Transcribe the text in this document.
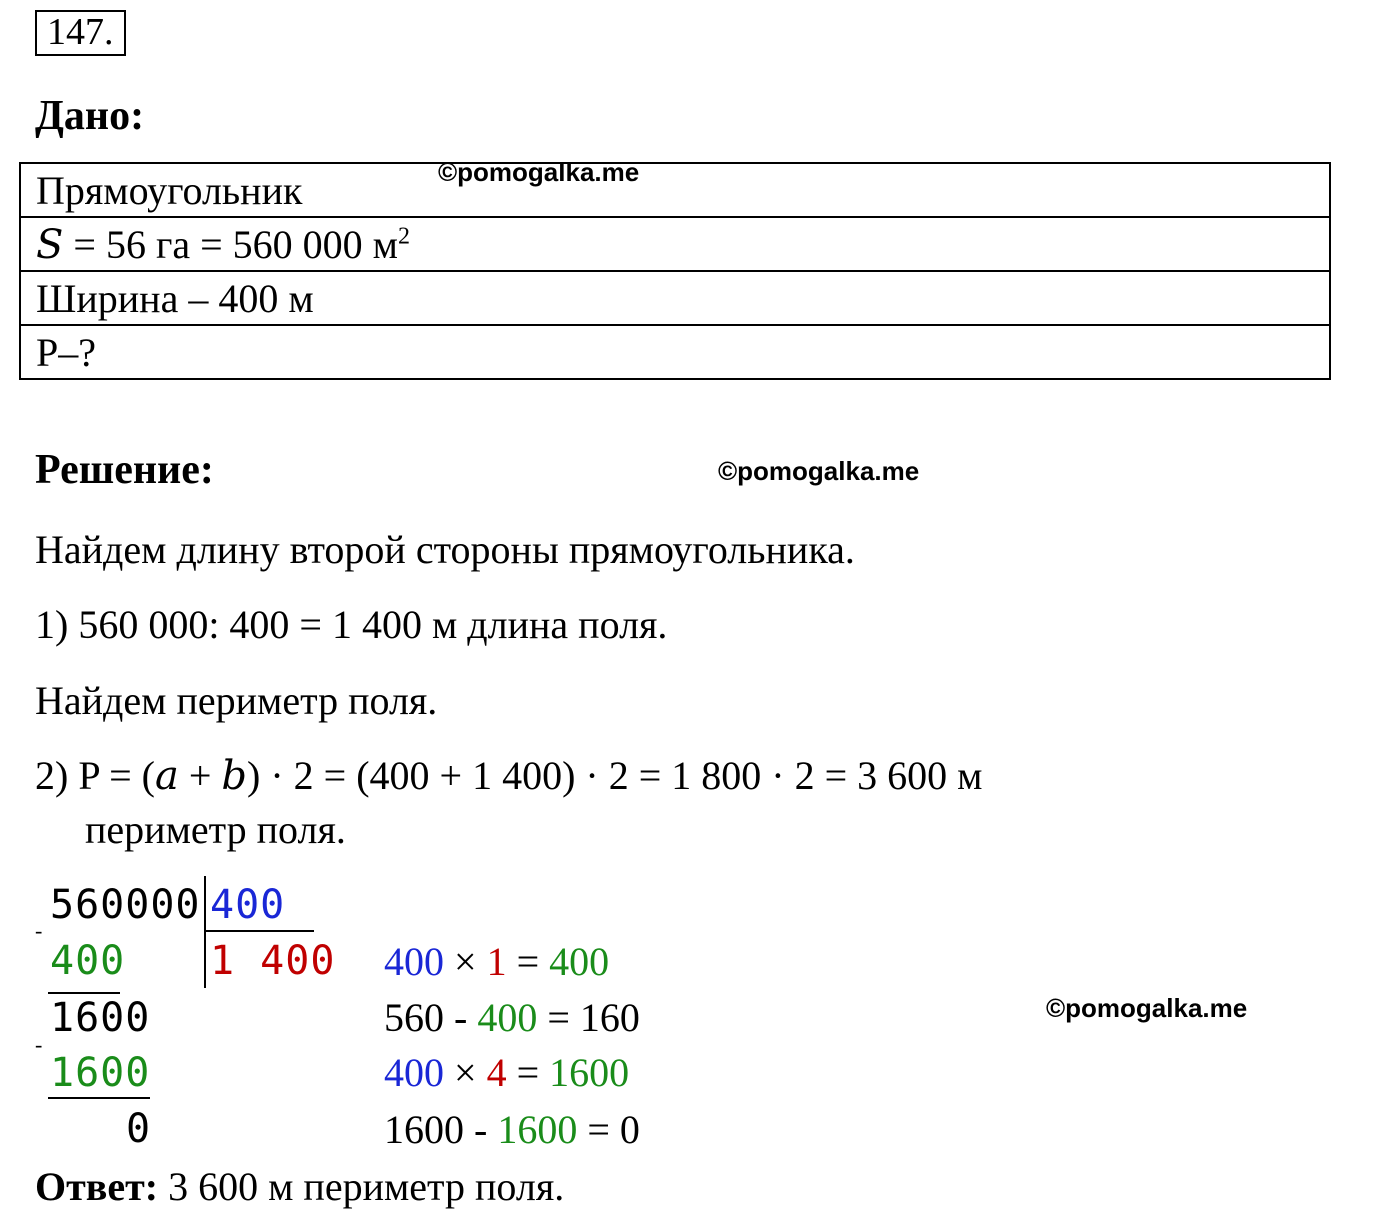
147.
Дано:
Прямоугольник
S = 56 га = 560 000 $м^2$
Ширина – 400 м
P–?
©pomogalka.me
©pomogalka.me
©pomogalka.me
Решение:
Найдем длину второй стороны прямоугольника.
1) 560 000: 400 = 1 400 м длина поля.
Найдем периметр поля.
2) P = (a + b) · 2 = (400 + 1 400) · 2 = 1 800 · 2 = 3 600 м
периметр поля.
560000 400
-
400 1 400
1600
-
1600
0
400 × 1 = 400
560 - 400 = 160
400 × 4 = 1600
1600 - 1600 = 0
Ответ: 3 600 м периметр поля.
